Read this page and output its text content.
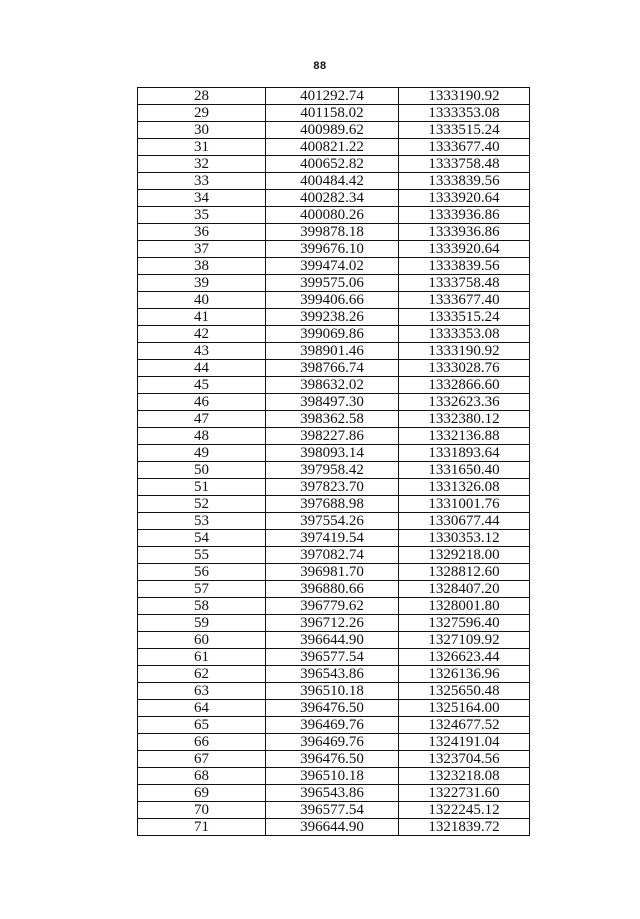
88
28	401292.74	1333190.92
29	401158.02	1333353.08
30	400989.62	1333515.24
31	400821.22	1333677.40
32	400652.82	1333758.48
33	400484.42	1333839.56
34	400282.34	1333920.64
35	400080.26	1333936.86
36	399878.18	1333936.86
37	399676.10	1333920.64
38	399474.02	1333839.56
39	399575.06	1333758.48
40	399406.66	1333677.40
41	399238.26	1333515.24
42	399069.86	1333353.08
43	398901.46	1333190.92
44	398766.74	1333028.76
45	398632.02	1332866.60
46	398497.30	1332623.36
47	398362.58	1332380.12
48	398227.86	1332136.88
49	398093.14	1331893.64
50	397958.42	1331650.40
51	397823.70	1331326.08
52	397688.98	1331001.76
53	397554.26	1330677.44
54	397419.54	1330353.12
55	397082.74	1329218.00
56	396981.70	1328812.60
57	396880.66	1328407.20
58	396779.62	1328001.80
59	396712.26	1327596.40
60	396644.90	1327109.92
61	396577.54	1326623.44
62	396543.86	1326136.96
63	396510.18	1325650.48
64	396476.50	1325164.00
65	396469.76	1324677.52
66	396469.76	1324191.04
67	396476.50	1323704.56
68	396510.18	1323218.08
69	396543.86	1322731.60
70	396577.54	1322245.12
71	396644.90	1321839.72
